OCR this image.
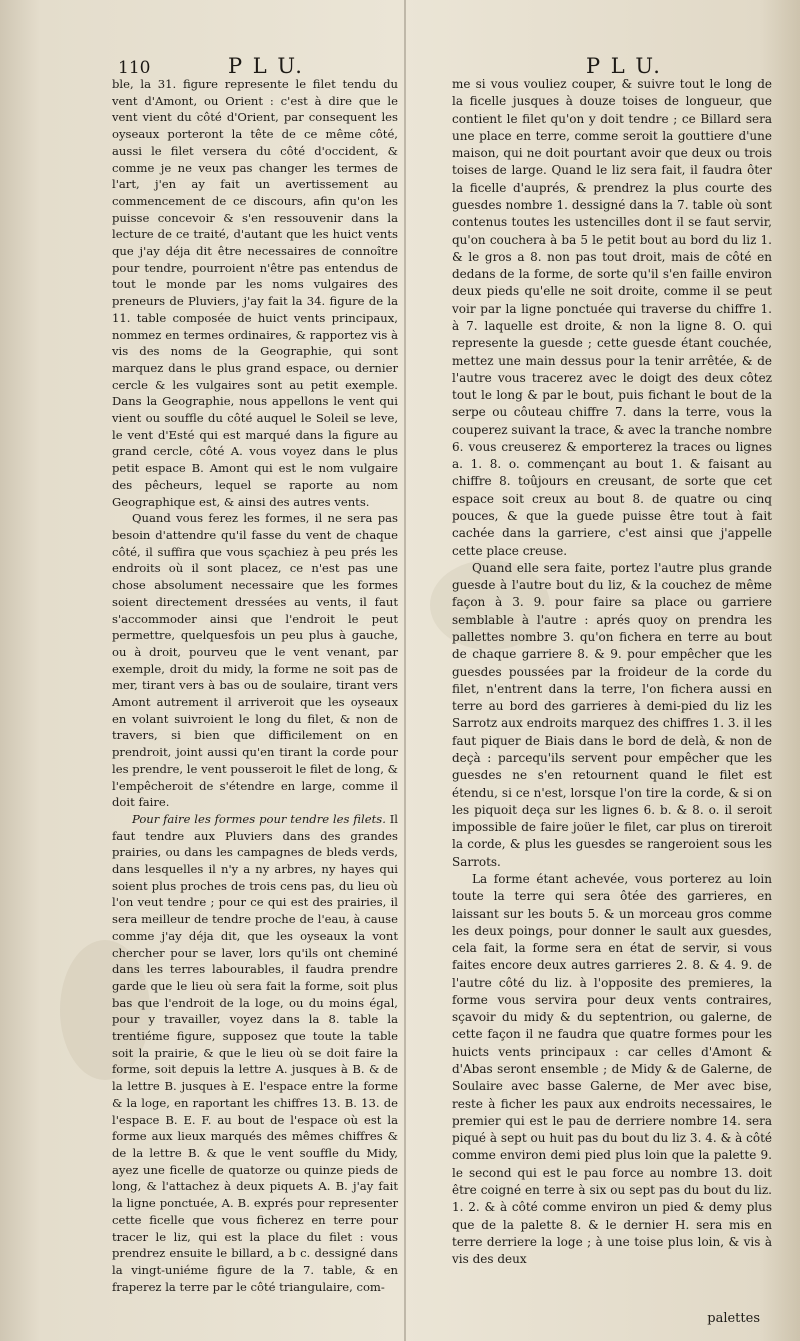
110	P L U.	P L U.

ble, la 31. figure represente le filet tendu du vent d'Amont, ou Orient : c'est à dire que le vent vient du côté d'Orient, par consequent les oyseaux porteront la tête de ce même côté, aussi le filet versera du côté d'occident, & comme je ne veux pas changer les termes de l'art, j'en ay fait un avertissement au commencement de ce discours, afin qu'on les puisse concevoir & s'en ressouvenir dans la lecture de ce traité, d'autant que les huict vents que j'ay déja dit être necessaires de connoître pour tendre, pourroient n'être pas entendus de tout le monde par les noms vulgaires des preneurs de Pluviers, j'ay fait la 34. figure de la 11. table composée de huict vents principaux, nommez en termes ordinaires, & rapportez vis à vis des noms de la Geographie, qui sont marquez dans le plus grand espace, ou dernier cercle & les vulgaires sont au petit exemple. Dans la Geographie, nous appellons le vent qui vient ou souffle du côté auquel le Soleil se leve, le vent d'Esté qui est marqué dans la figure au grand cercle, côté A. vous voyez dans le plus petit espace B. Amont qui est le nom vulgaire des pêcheurs, lequel se raporte au nom Geographique est, & ainsi des autres vents.

Quand vous ferez les formes, il ne sera pas besoin d'attendre qu'il fasse du vent de chaque côté, il suffira que vous sçachiez à peu prés les endroits où il sont placez, ce n'est pas une chose absolument necessaire que les formes soient directement dressées au vents, il faut s'accommoder ainsi que l'endroit le peut permettre, quelquesfois un peu plus à gauche, ou à droit, pourveu que le vent venant, par exemple, droit du midy, la forme ne soit pas de mer, tirant vers à bas ou de soulaire, tirant vers Amont autrement il arriveroit que les oyseaux en volant suivroient le long du filet, & non de travers, si bien que difficilement on en prendroit, joint aussi qu'en tirant la corde pour les prendre, le vent pousseroit le filet de long, & l'empêcheroit de s'étendre en large, comme il doit faire.

Pour faire les formes pour tendre les filets. Il faut tendre aux Pluviers dans des grandes prairies, ou dans les campagnes de bleds verds, dans lesquelles il n'y a ny arbres, ny hayes qui soient plus proches de trois cens pas, du lieu où l'on veut tendre ; pour ce qui est des prairies, il sera meilleur de tendre proche de l'eau, à cause comme j'ay déja dit, que les oyseaux la vont chercher pour se laver, lors qu'ils ont cheminé dans les terres labourables, il faudra prendre garde que le lieu où sera fait la forme, soit plus bas que l'endroit de la loge, ou du moins égal, pour y travailler, voyez dans la 8. table la trentiéme figure, supposez que toute la table soit la prairie, & que le lieu où se doit faire la forme, soit depuis la lettre A. jusques à B. & de la lettre B. jusques à E. l'espace entre la forme & la loge, en raportant les chiffres 13. B. 13. de l'espace B. E. F. au bout de l'espace où est la forme aux lieux marqués des mêmes chiffres & de la lettre B. & que le vent souffle du Midy, ayez une ficelle de quatorze ou quinze pieds de long, & l'attachez à deux piquets A. B. j'ay fait la ligne ponctuée, A. B. exprés pour representer cette ficelle que vous ficherez en terre pour tracer le liz, qui est la place du filet : vous prendrez ensuite le billard, a b c. dessigné dans la vingt-uniéme figure de la 7. table, & en fraperez la terre par le côté triangulaire, com-

me si vous vouliez couper, & suivre tout le long de la ficelle jusques à douze toises de longueur, que contient le filet qu'on y doit tendre ; ce Billard sera une place en terre, comme seroit la gouttiere d'une maison, qui ne doit pourtant avoir que deux ou trois toises de large. Quand le liz sera fait, il faudra ôter la ficelle d'auprés, & prendrez la plus courte des guesdes nombre 1. dessigné dans la 7. table où sont contenus toutes les ustencilles dont il se faut servir, qu'on couchera à ba 5 le petit bout au bord du liz 1. & le gros a 8. non pas tout droit, mais de côté en dedans de la forme, de sorte qu'il s'en faille environ deux pieds qu'elle ne soit droite, comme il se peut voir par la ligne ponctuée qui traverse du chiffre 1. à 7. laquelle est droite, & non la ligne 8. O. qui represente la guesde ; cette guesde étant couchée, mettez une main dessus pour la tenir arrêtée, & de l'autre vous tracerez avec le doigt des deux côtez tout le long & par le bout, puis fichant le bout de la serpe ou côuteau chiffre 7. dans la terre, vous la couperez suivant la trace, & avec la tranche nombre 6. vous creuserez & emporterez la traces ou lignes a. 1. 8. o. commençant au bout 1. & faisant au chiffre 8. toûjours en creusant, de sorte que cet espace soit creux au bout 8. de quatre ou cinq pouces, & que la guede puisse être tout à fait cachée dans la garriere, c'est ainsi que j'appelle cette place creuse.

Quand elle sera faite, portez l'autre plus grande guesde à l'autre bout du liz, & la couchez de même façon à 3. 9. pour faire sa place ou garriere semblable à l'autre : aprés quoy on prendra les pallettes nombre 3. qu'on fichera en terre au bout de chaque garriere 8. & 9. pour empêcher que les guesdes poussées par la froideur de la corde du filet, n'entrent dans la terre, l'on fichera aussi en terre au bord des garrieres à demi-pied du liz les Sarrotz aux endroits marquez des chiffres 1. 3. il les faut piquer de Biais dans le bord de delà, & non de deçà : parcequ'ils servent pour empêcher que les guesdes ne s'en retournent quand le filet est étendu, si ce n'est, lorsque l'on tire la corde, & si on les piquoit deça sur les lignes 6. b. & 8. o. il seroit impossible de faire joüer le filet, car plus on tireroit la corde, & plus les guesdes se rangeroient sous les Sarrots.

La forme étant achevée, vous porterez au loin toute la terre qui sera ôtée des garrieres, en laissant sur les bouts 5. & un morceau gros comme les deux poings, pour donner le sault aux guesdes, cela fait, la forme sera en état de servir, si vous faites encore deux autres garrieres 2. 8. & 4. 9. de l'autre côté du liz. à l'opposite des premieres, la forme vous servira pour deux vents contraires, sçavoir du midy & du septentrion, ou galerne, de cette façon il ne faudra que quatre formes pour les huicts vents principaux : car celles d'Amont & d'Abas seront ensemble ; de Midy & de Galerne, de Soulaire avec basse Galerne, de Mer avec bise, reste à ficher les paux aux endroits necessaires, le premier qui est le pau de derriere nombre 14. sera piqué à sept ou huit pas du bout du liz 3. 4. & à côté comme environ demi pied plus loin que la palette 9. le second qui est le pau force au nombre 13. doit être coigné en terre à six ou sept pas du bout du liz. 1. 2. & à côté comme environ un pied & demy plus que de la palette 8. & le dernier H. sera mis en terre derriere la loge ; à une toise plus loin, & vis à vis des deux

palettes
